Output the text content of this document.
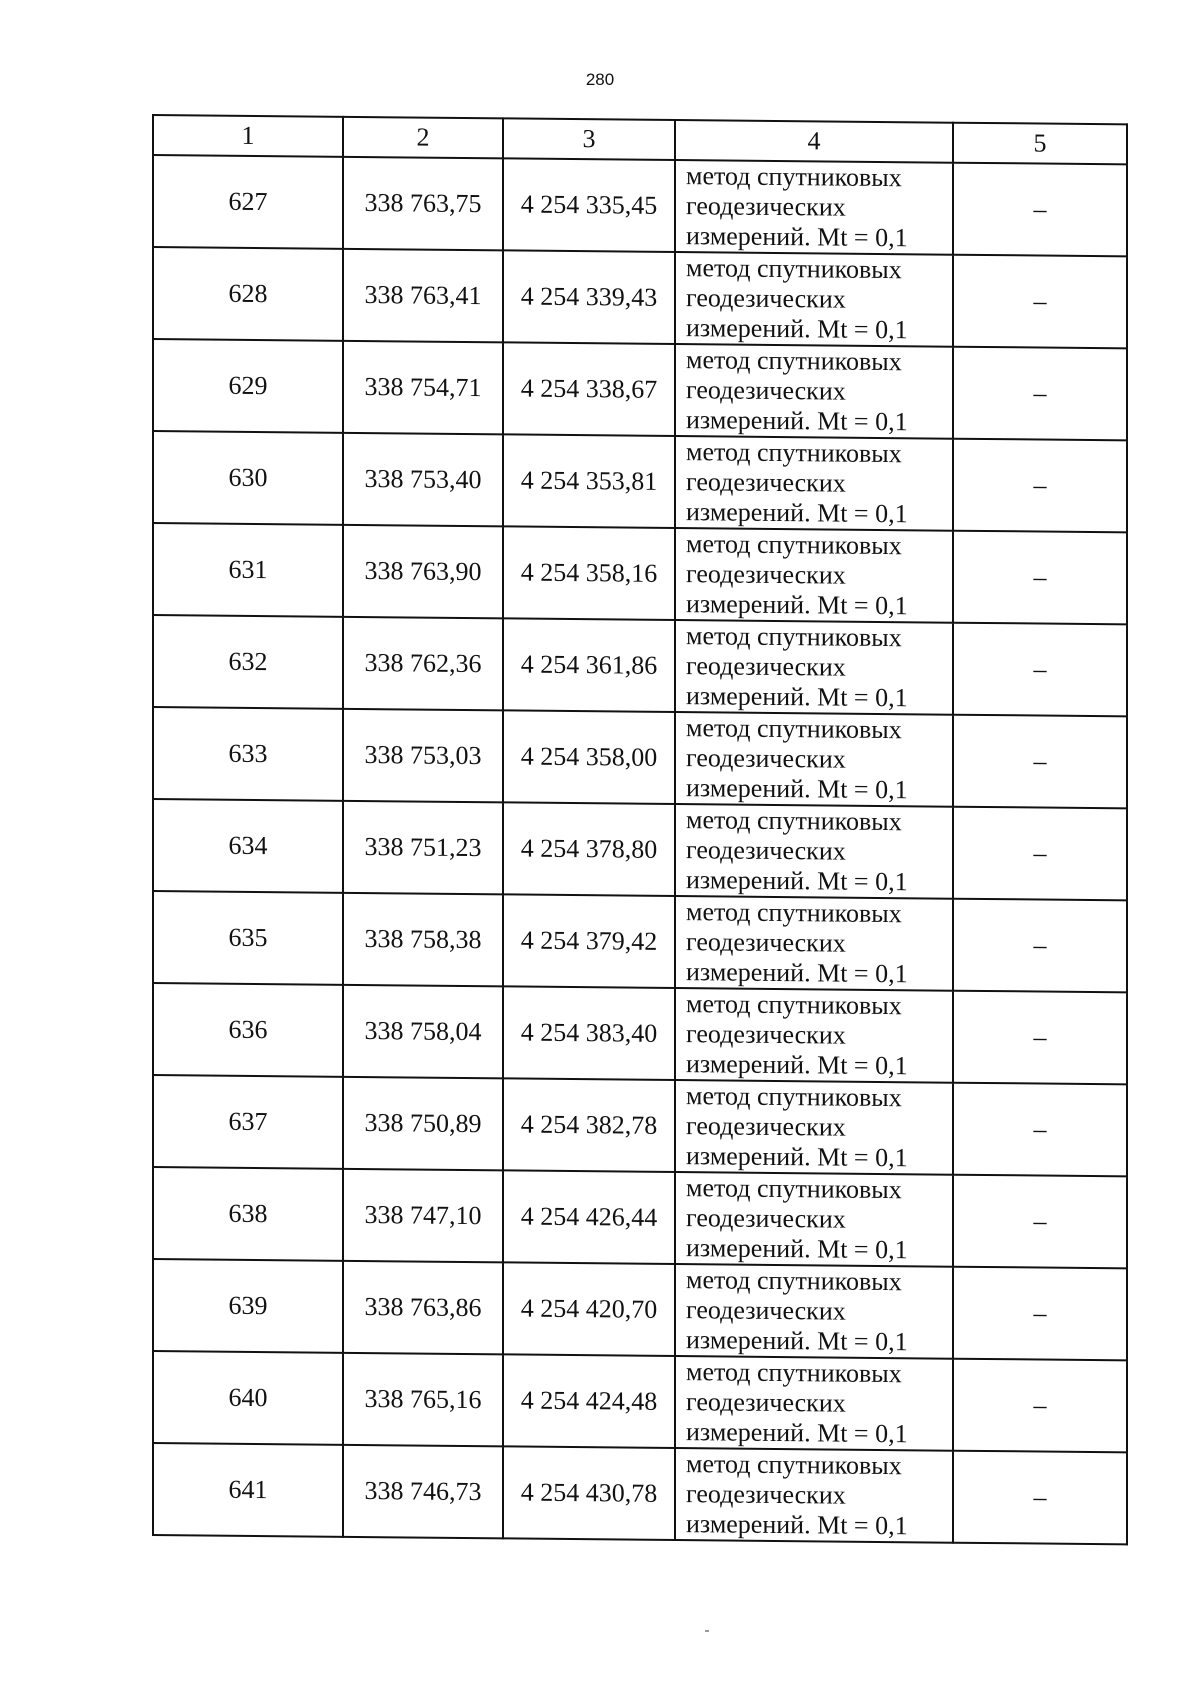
280
1	2	3	4	5
627	338 763,75	4 254 335,45	метод спутниковых
геодезических
измерений. Mt = 0,1	–
628	338 763,41	4 254 339,43	метод спутниковых
геодезических
измерений. Mt = 0,1	–
629	338 754,71	4 254 338,67	метод спутниковых
геодезических
измерений. Mt = 0,1	–
630	338 753,40	4 254 353,81	метод спутниковых
геодезических
измерений. Mt = 0,1	–
631	338 763,90	4 254 358,16	метод спутниковых
геодезических
измерений. Mt = 0,1	–
632	338 762,36	4 254 361,86	метод спутниковых
геодезических
измерений. Mt = 0,1	–
633	338 753,03	4 254 358,00	метод спутниковых
геодезических
измерений. Mt = 0,1	–
634	338 751,23	4 254 378,80	метод спутниковых
геодезических
измерений. Mt = 0,1	–
635	338 758,38	4 254 379,42	метод спутниковых
геодезических
измерений. Mt = 0,1	–
636	338 758,04	4 254 383,40	метод спутниковых
геодезических
измерений. Mt = 0,1	–
637	338 750,89	4 254 382,78	метод спутниковых
геодезических
измерений. Mt = 0,1	–
638	338 747,10	4 254 426,44	метод спутниковых
геодезических
измерений. Mt = 0,1	–
639	338 763,86	4 254 420,70	метод спутниковых
геодезических
измерений. Mt = 0,1	–
640	338 765,16	4 254 424,48	метод спутниковых
геодезических
измерений. Mt = 0,1	–
641	338 746,73	4 254 430,78	метод спутниковых
геодезических
измерений. Mt = 0,1	–
